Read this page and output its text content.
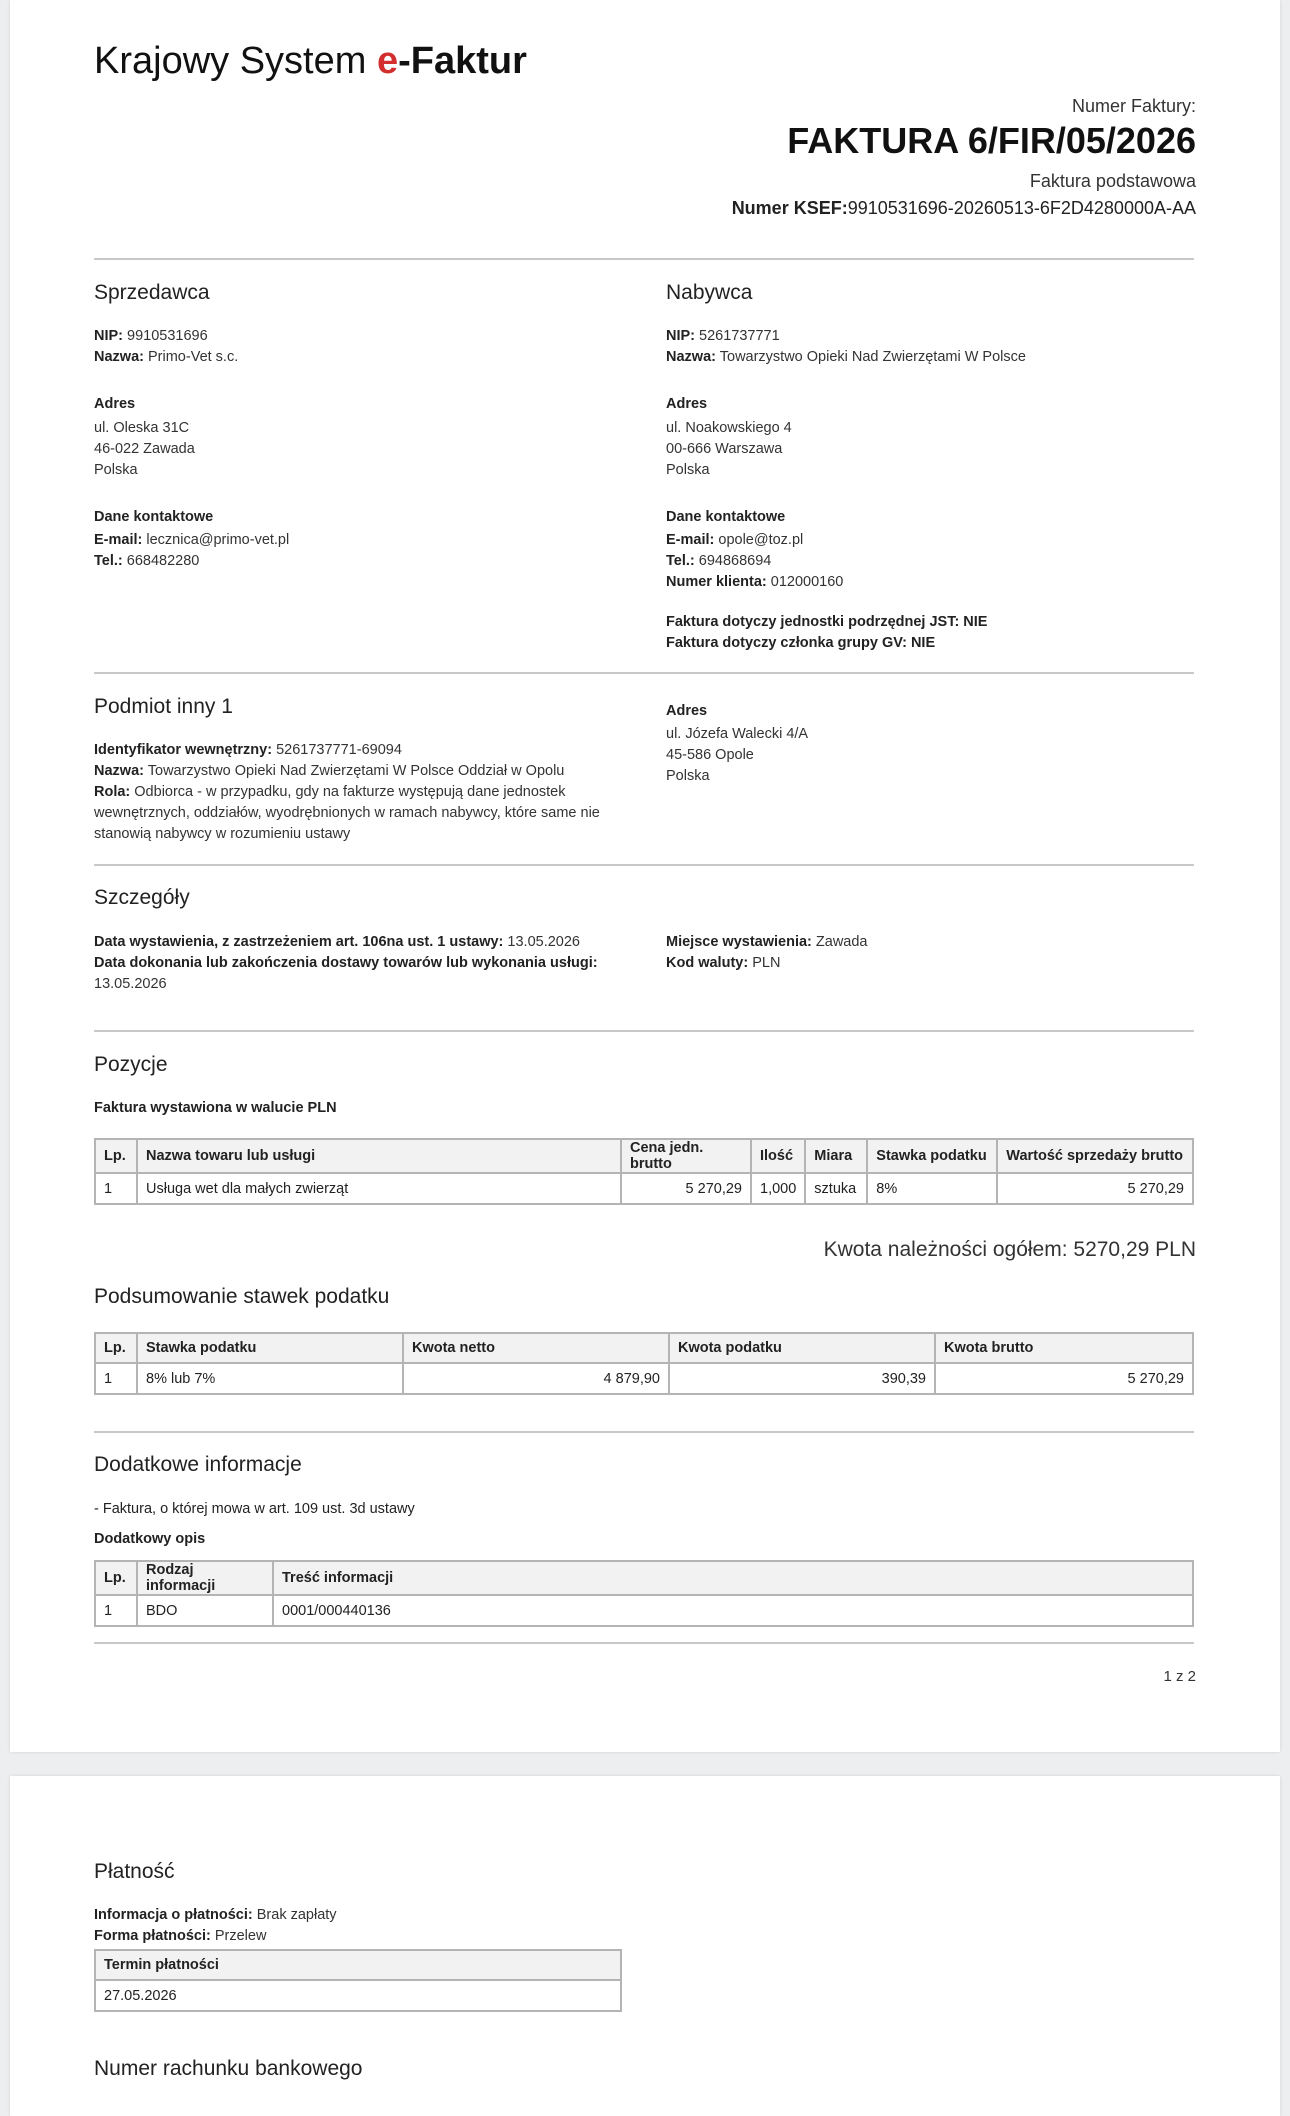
Krajowy System e-Faktur
Numer Faktury:
FAKTURA 6/FIR/05/2026
Faktura podstawowa
Numer KSEF:9910531696-20260513-6F2D4280000A-AA
Sprzedawca
NIP: 9910531696
Nazwa: Primo-Vet s.c.
Adres
ul. Oleska 31C
46-022 Zawada
Polska
Dane kontaktowe
E-mail: lecznica@primo-vet.pl
Tel.: 668482280
Nabywca
NIP: 5261737771
Nazwa: Towarzystwo Opieki Nad Zwierzętami W Polsce
Adres
ul. Noakowskiego 4
00-666 Warszawa
Polska
Dane kontaktowe
E-mail: opole@toz.pl
Tel.: 694868694
Numer klienta: 012000160
Faktura dotyczy jednostki podrzędnej JST: NIE
Faktura dotyczy członka grupy GV: NIE
Podmiot inny 1
Identyfikator wewnętrzny: 5261737771-69094
Nazwa: Towarzystwo Opieki Nad Zwierzętami W Polsce Oddział w Opolu
Rola: Odbiorca - w przypadku, gdy na fakturze występują dane jednostek wewnętrznych, oddziałów, wyodrębnionych w ramach nabywcy, które same nie stanowią nabywcy w rozumieniu ustawy
Adres
ul. Józefa Walecki 4/A
45-586 Opole
Polska
Szczegóły
Data wystawienia, z zastrzeżeniem art. 106na ust. 1 ustawy: 13.05.2026
Data dokonania lub zakończenia dostawy towarów lub wykonania usługi:
13.05.2026
Miejsce wystawienia: Zawada
Kod waluty: PLN
Pozycje
Faktura wystawiona w walucie PLN
Lp.	Nazwa towaru lub usługi	Cena jedn. brutto	Ilość	Miara	Stawka podatku	Wartość sprzedaży brutto
1	Usługa wet dla małych zwierząt	5 270,29	1,000	sztuka	8%	5 270,29
Kwota należności ogółem: 5270,29 PLN
Podsumowanie stawek podatku
Lp.	Stawka podatku	Kwota netto	Kwota podatku	Kwota brutto
1	8% lub 7%	4 879,90	390,39	5 270,29
Dodatkowe informacje
- Faktura, o której mowa w art. 109 ust. 3d ustawy
Dodatkowy opis
Lp.	Rodzaj informacji	Treść informacji
1	BDO	0001/000440136
1 z 2
Płatność
Informacja o płatności: Brak zapłaty
Forma płatności: Przelew
Termin płatności
27.05.2026
Numer rachunku bankowego
